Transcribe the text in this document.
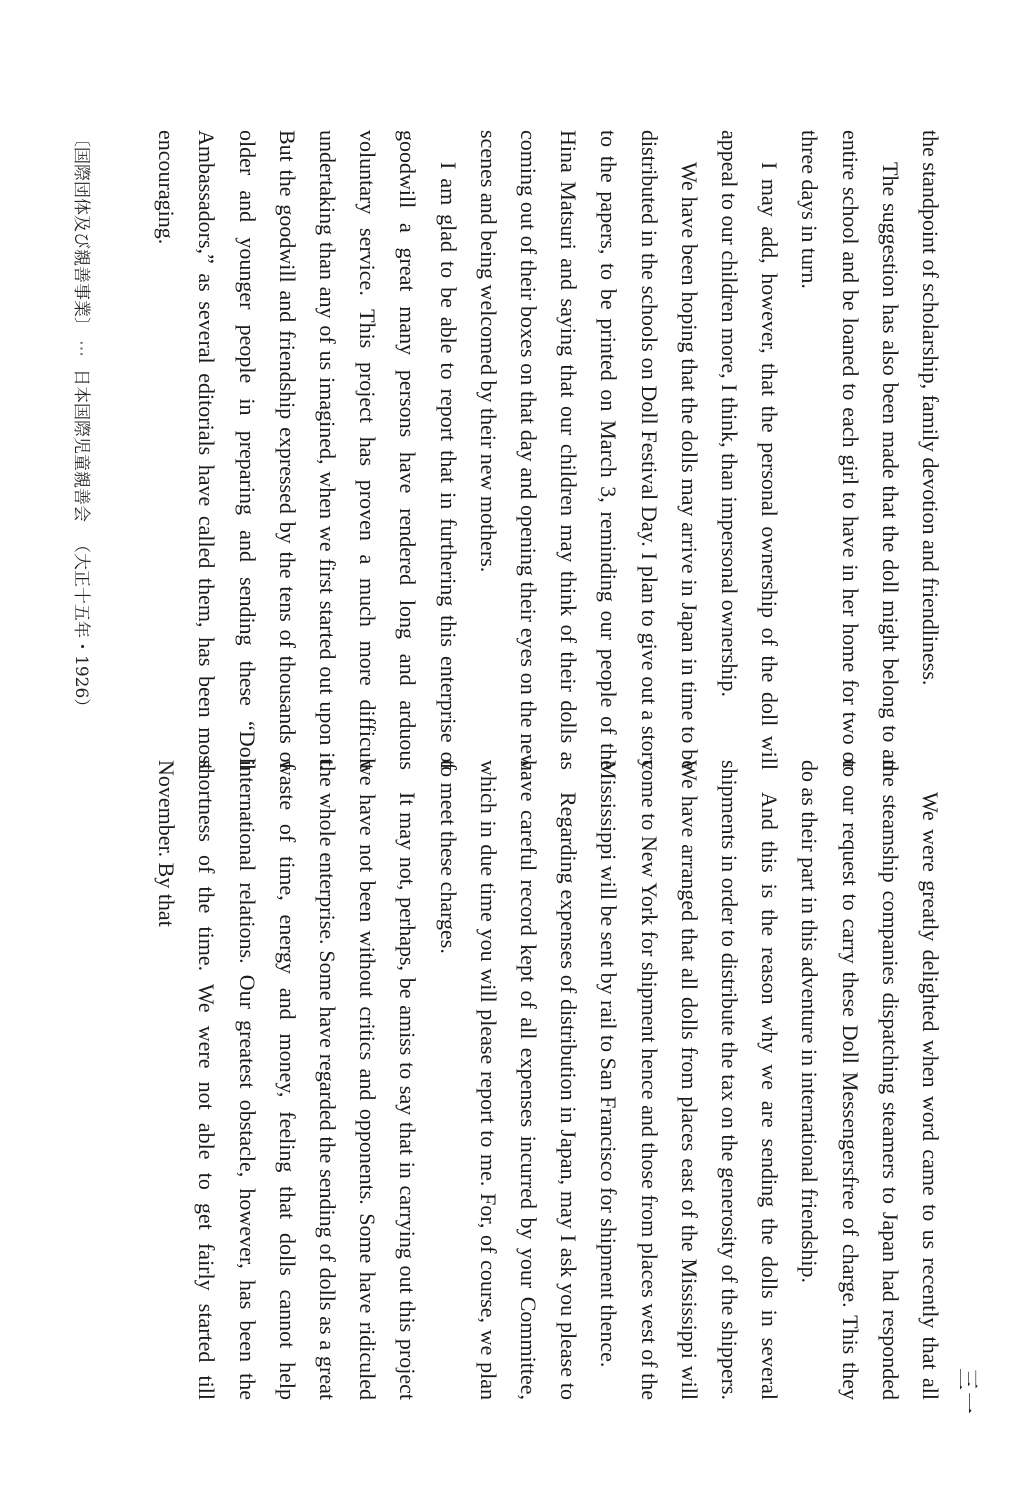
三一

the standpoint of scholarship, family devotion and friendliness.

The suggestion has also been made that the doll might belong to an entire school and be loaned to each girl to have in her home for two or three days in turn.

I may add, however, that the personal ownership of the doll will appeal to our children more, I think, than impersonal ownership.

We have been hoping that the dolls may arrive in Japan in time to be distributed in the schools on Doll Festival Day. I plan to give out a story to the papers, to be printed on March 3, reminding our people of the Hina Matsuri and saying that our children may think of their dolls as coming out of their boxes on that day and opening their eyes on the new scenes and being welcomed by their new mothers.

I am glad to be able to report that in furthering this enterprise of goodwill a great many persons have rendered long and arduous voluntary service. This project has proven a much more difficult undertaking than any of us imagined, when we first started out upon it. But the goodwill and friendship expressed by the tens of thousands of older and younger people in preparing and sending these “Doll Ambassadors,” as several editorials have called them, has been most encouraging.

We were greatly delighted when word came to us recently that all the steamship companies dispatching steamers to Japan had responded to our request to carry these Doll Messengersfree of charge. This they do as their part in this adventure in international friendship.

And this is the reason why we are sending the dolls in several shipments in order to distribute the tax on the generosity of the shippers. We have arranged that all dolls from places east of the Mississippi will come to New York for shipment hence and those from places west of the Mississippi will be sent by rail to San Francisco for shipment thence.

Regarding expenses of distribution in Japan, may I ask you please to have careful record kept of all expenses incurred by your Committee, which in due time you will please report to me. For, of course, we plan to meet these charges.

It may not, perhaps, be amiss to say that in carrying out this project we have not been without critics and opponents. Some have ridiculed the whole enterprise. Some have regarded the sending of dolls as a great waste of time, energy and money, feeling that dolls cannot help international relations. Our greatest obstacle, however, has been the shortness of the time. We were not able to get fairly started till November. By that

〔国際団体及び親善事業〕
⋯
日本国際児童親善会
（大正十五年・1926）
